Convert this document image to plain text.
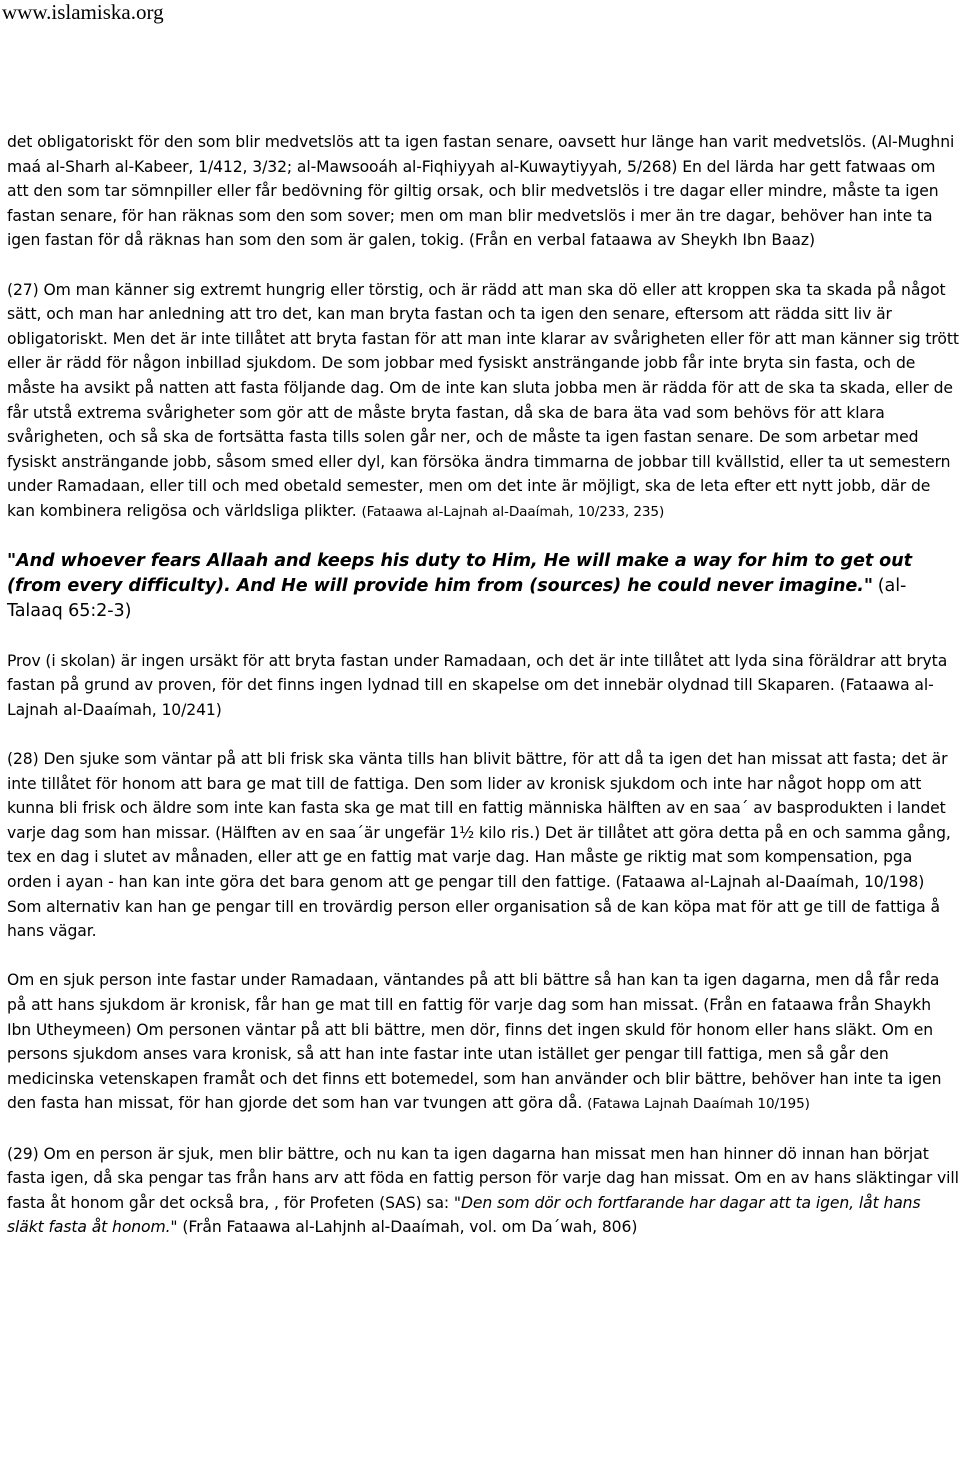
www.islamiska.org

det obligatoriskt för den som blir medvetslös att ta igen fastan senare, oavsett hur länge han varit medvetslös. (Al-Mughni maá al-Sharh al-Kabeer, 1/412, 3/32; al-Mawsooáh al-Fiqhiyyah al-Kuwaytiyyah, 5/268) En del lärda har gett fatwaas om att den som tar sömnpiller eller får bedövning för giltig orsak, och blir medvetslös i tre dagar eller mindre, måste ta igen fastan senare, för han räknas som den som sover; men om man blir medvetslös i mer än tre dagar, behöver han inte ta igen fastan för då räknas han som den som är galen, tokig. (Från en verbal fataawa av Sheykh Ibn Baaz)

(27) Om man känner sig extremt hungrig eller törstig, och är rädd att man ska dö eller att kroppen ska ta skada på något sätt, och man har anledning att tro det, kan man bryta fastan och ta igen den senare, eftersom att rädda sitt liv är obligatoriskt. Men det är inte tillåtet att bryta fastan för att man inte klarar av svårigheten eller för att man känner sig trött eller är rädd för någon inbillad sjukdom. De som jobbar med fysiskt ansträngande jobb får inte bryta sin fasta, och de måste ha avsikt på natten att fasta följande dag. Om de inte kan sluta jobba men är rädda för att de ska ta skada, eller de får utstå extrema svårigheter som gör att de måste bryta fastan, då ska de bara äta vad som behövs för att klara svårigheten, och så ska de fortsätta fasta tills solen går ner, och de måste ta igen fastan senare. De som arbetar med fysiskt ansträngande jobb, såsom smed eller dyl, kan försöka ändra timmarna de jobbar till kvällstid, eller ta ut semestern under Ramadaan, eller till och med obetald semester, men om det inte är möjligt, ska de leta efter ett nytt jobb, där de kan kombinera religösa och världsliga plikter. (Fataawa al-Lajnah al-Daaímah, 10/233, 235)

"And whoever fears Allaah and keeps his duty to Him, He will make a way for him to get out (from every difficulty). And He will provide him from (sources) he could never imagine." (al-Talaaq 65:2-3)

Prov (i skolan) är ingen ursäkt för att bryta fastan under Ramadaan, och det är inte tillåtet att lyda sina föräldrar att bryta fastan på grund av proven, för det finns ingen lydnad till en skapelse om det innebär olydnad till Skaparen. (Fataawa al-Lajnah al-Daaímah, 10/241)

(28) Den sjuke som väntar på att bli frisk ska vänta tills han blivit bättre, för att då ta igen det han missat att fasta; det är inte tillåtet för honom att bara ge mat till de fattiga. Den som lider av kronisk sjukdom och inte har något hopp om att kunna bli frisk och äldre som inte kan fasta ska ge mat till en fattig människa hälften av en saa´ av basprodukten i landet varje dag som han missar. (Hälften av en saa´är ungefär 1½ kilo ris.) Det är tillåtet att göra detta på en och samma gång, tex en dag i slutet av månaden, eller att ge en fattig mat varje dag. Han måste ge riktig mat som kompensation, pga orden i ayan - han kan inte göra det bara genom att ge pengar till den fattige. (Fataawa al-Lajnah al-Daaímah, 10/198) Som alternativ kan han ge pengar till en trovärdig person eller organisation så de kan köpa mat för att ge till de fattiga å hans vägar.

Om en sjuk person inte fastar under Ramadaan, väntandes på att bli bättre så han kan ta igen dagarna, men då får reda på att hans sjukdom är kronisk, får han ge mat till en fattig för varje dag som han missat. (Från en fataawa från Shaykh Ibn Utheymeen) Om personen väntar på att bli bättre, men dör, finns det ingen skuld för honom eller hans släkt. Om en persons sjukdom anses vara kronisk, så att han inte fastar inte utan istället ger pengar till fattiga, men så går den medicinska vetenskapen framåt och det finns ett botemedel, som han använder och blir bättre, behöver han inte ta igen den fasta han missat, för han gjorde det som han var tvungen att göra då. (Fatawa Lajnah Daaímah 10/195)

(29) Om en person är sjuk, men blir bättre, och nu kan ta igen dagarna han missat men han hinner dö innan han börjat fasta igen, då ska pengar tas från hans arv att föda en fattig person för varje dag han missat. Om en av hans släktingar vill fasta åt honom går det också bra, , för Profeten (SAS) sa: "Den som dör och fortfarande har dagar att ta igen, låt hans släkt fasta åt honom." (Från Fataawa al-Lahjnh al-Daaímah, vol. om Da´wah, 806)
